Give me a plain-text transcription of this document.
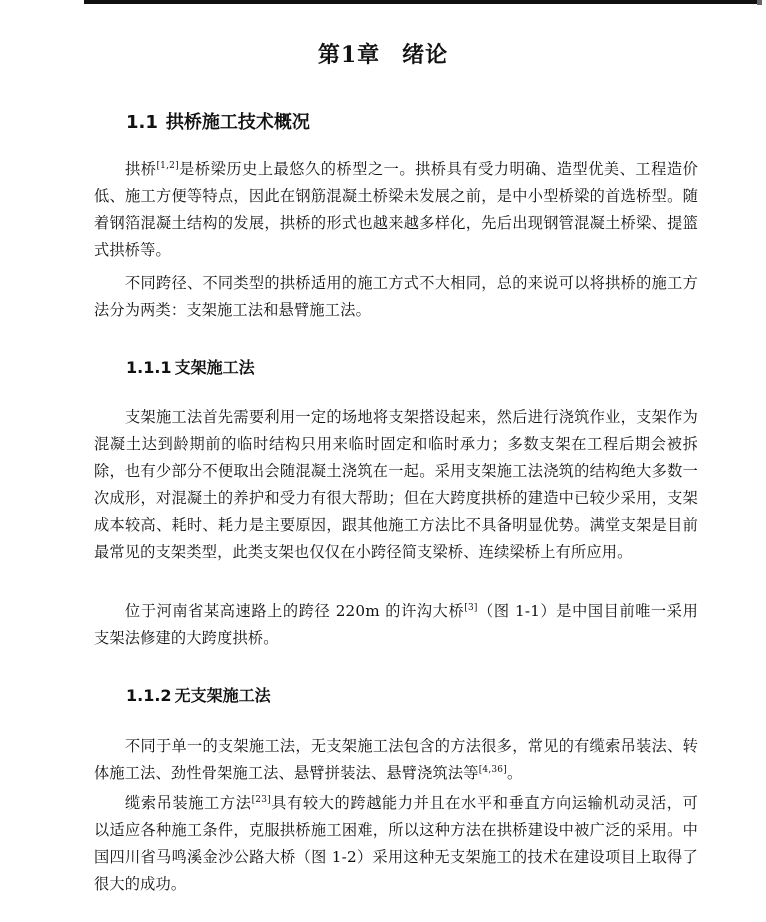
第1章 绪论
1.1 拱桥施工技术概况
拱桥[1,2]是桥梁历史上最悠久的桥型之一。拱桥具有受力明确、造型优美、工程造价低、施工方便等特点，因此在钢筋混凝土桥梁未发展之前，是中小型桥梁的首选桥型。随着钢箔混凝土结构的发展，拱桥的形式也越来越多样化，先后出现钢管混凝土桥梁、提篮式拱桥等。
不同跨径、不同类型的拱桥适用的施工方式不大相同，总的来说可以将拱桥的施工方法分为两类：支架施工法和悬臂施工法。
1.1.1 支架施工法
支架施工法首先需要利用一定的场地将支架搭设起来，然后进行浇筑作业，支架作为混凝土达到龄期前的临时结构只用来临时固定和临时承力；多数支架在工程后期会被拆除，也有少部分不便取出会随混凝土浇筑在一起。采用支架施工法浇筑的结构绝大多数一次成形，对混凝土的养护和受力有很大帮助；但在大跨度拱桥的建造中已较少采用，支架成本较高、耗时、耗力是主要原因，跟其他施工方法比不具备明显优势。满堂支架是目前最常见的支架类型，此类支架也仅仅在小跨径简支梁桥、连续梁桥上有所应用。
位于河南省某高速路上的跨径 220m 的许沟大桥[3]（图 1-1）是中国目前唯一采用支架法修建的大跨度拱桥。
1.1.2 无支架施工法
不同于单一的支架施工法，无支架施工法包含的方法很多，常见的有缆索吊装法、转体施工法、劲性骨架施工法、悬臂拼装法、悬臂浇筑法等[4,36]。
缆索吊装施工方法[23]具有较大的跨越能力并且在水平和垂直方向运输机动灵活，可以适应各种施工条件，克服拱桥施工困难，所以这种方法在拱桥建设中被广泛的采用。中国四川省马鸣溪金沙公路大桥（图 1-2）采用这种无支架施工的技术在建设项目上取得了很大的成功。
